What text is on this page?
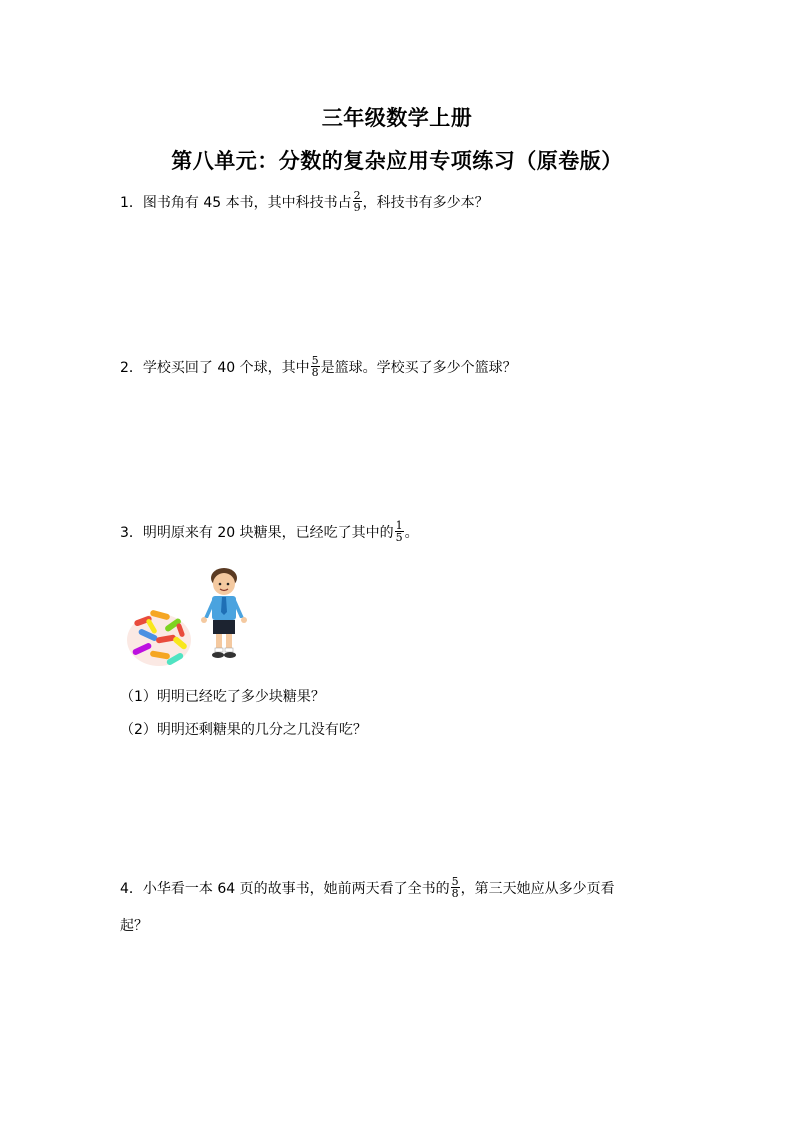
三年级数学上册
第八单元：分数的复杂应用专项练习（原卷版）
1．图书角有 45 本书，其中科技书占 $\frac{2}{9}$ ，科技书有多少本？
2．学校买回了 40 个球，其中 $\frac{5}{8}$ 是篮球。学校买了多少个篮球？
3．明明原来有 20 块糖果，已经吃了其中的 $\frac{1}{5}$ 。
（1）明明已经吃了多少块糖果？
（2）明明还剩糖果的几分之几没有吃？
4．小华看一本 64 页的故事书，她前两天看了全书的 $\frac{5}{8}$ ，第三天她应从多少页看
起？
